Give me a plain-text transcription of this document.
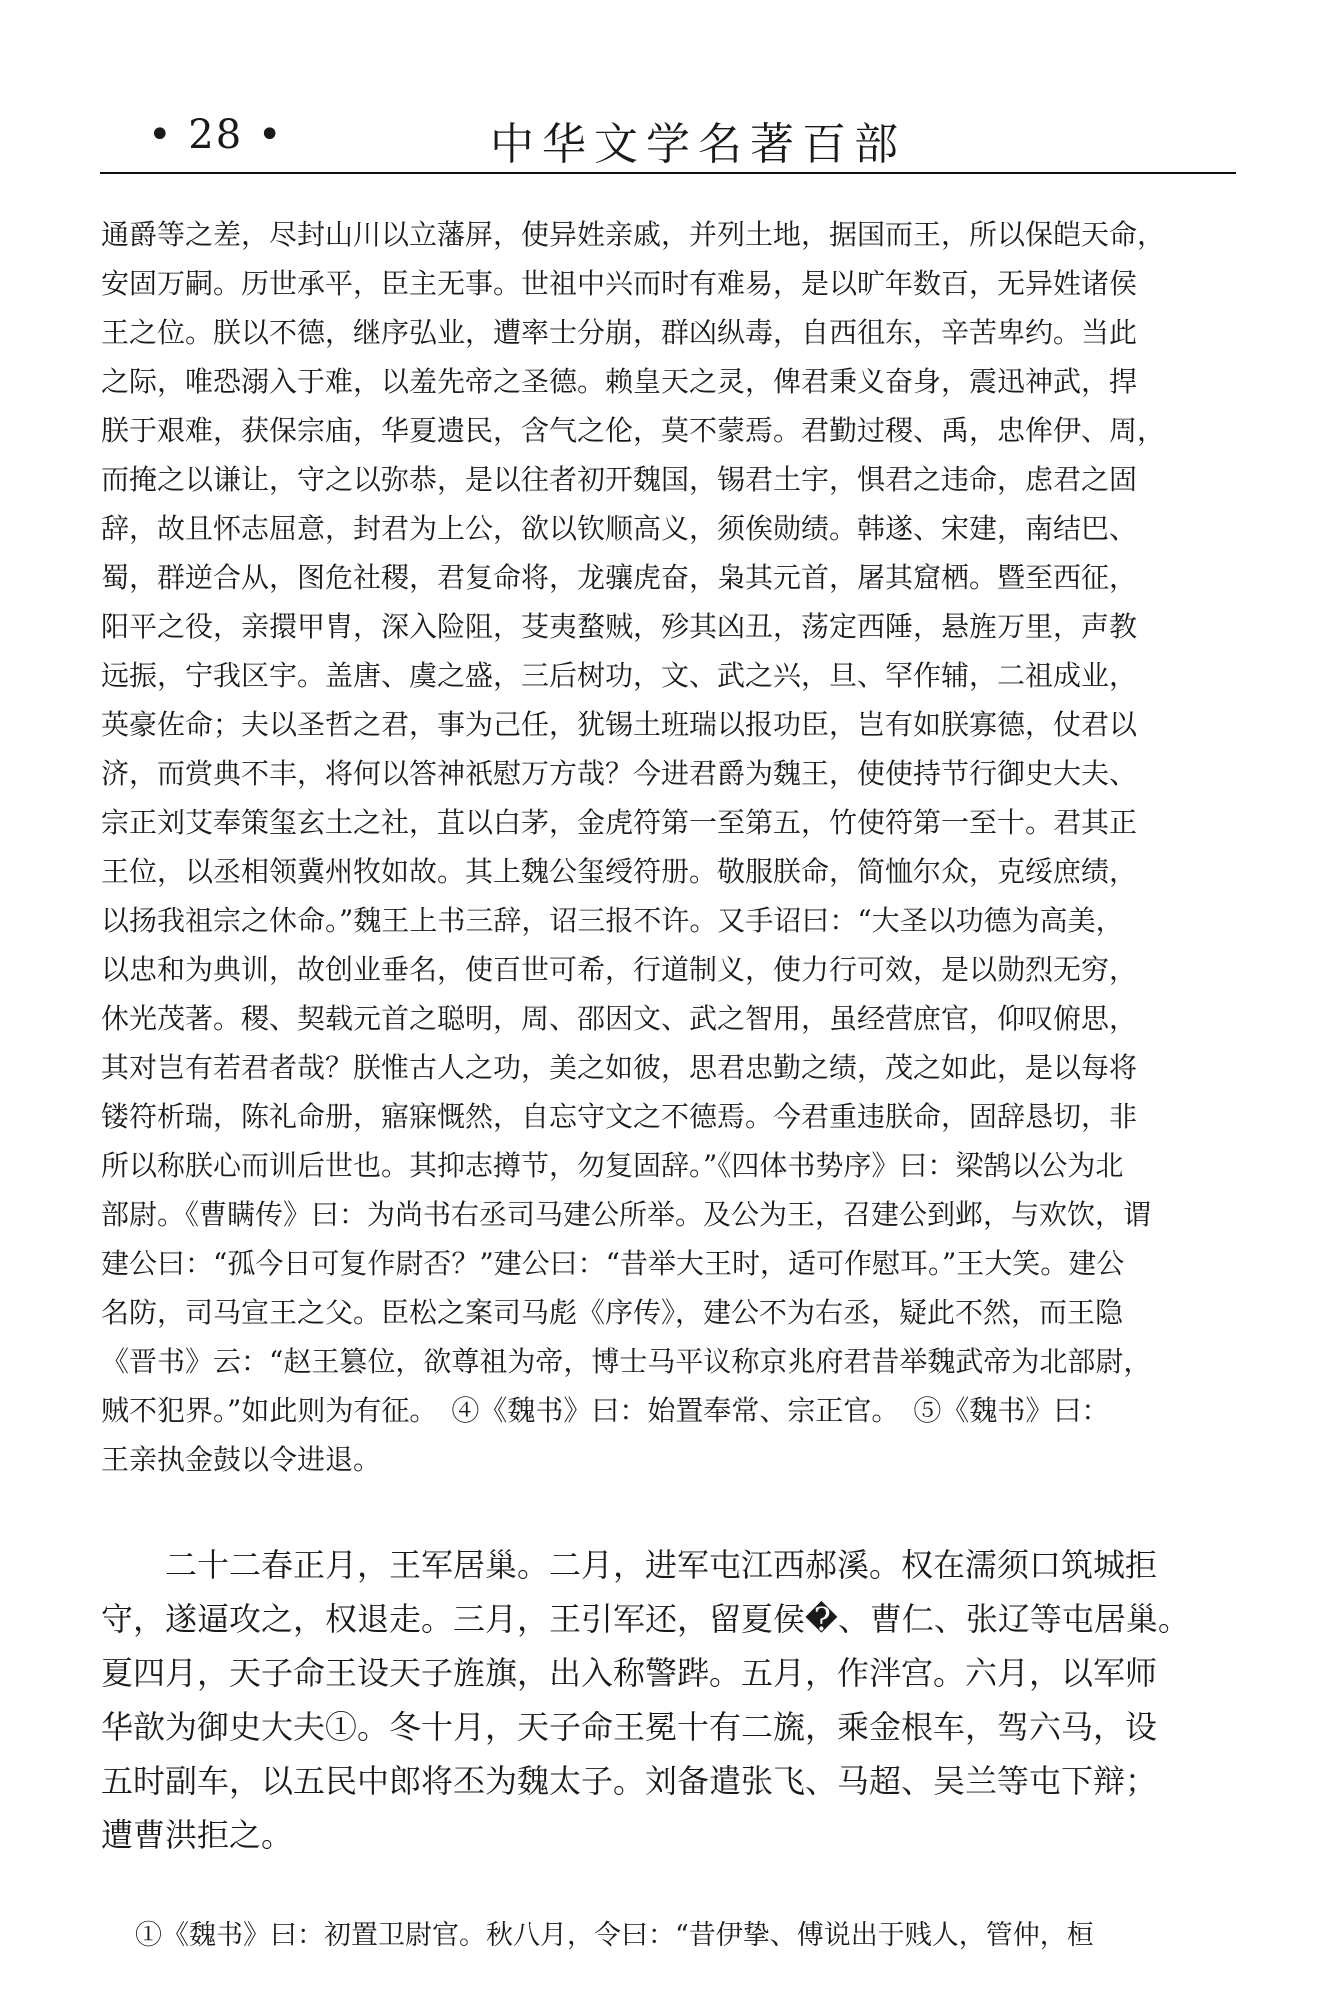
• 28 •	中华文学名著百部
通爵等之差，尽封山川以立藩屏，使异姓亲戚，并列土地，据国而王，所以保皑天命，
安固万嗣。历世承平，臣主无事。世祖中兴而时有难易，是以旷年数百，无异姓诸侯
王之位。朕以不德，继序弘业，遭率士分崩，群凶纵毒，自西徂东，辛苦卑约。当此
之际，唯恐溺入于难，以羞先帝之圣德。赖皇天之灵，俾君秉义奋身，震迅神武，捍
朕于艰难，获保宗庙，华夏遗民，含气之伦，莫不蒙焉。君勤过稷、禹，忠侔伊、周，
而掩之以谦让，守之以弥恭，是以往者初开魏国，锡君土宇，惧君之违命，虑君之固
辞，故且怀志屈意，封君为上公，欲以钦顺高义，须俟勋绩。韩遂、宋建，南结巴、
蜀，群逆合从，图危社稷，君复命将，龙骧虎奋，枭其元首，屠其窟栖。暨至西征，
阳平之役，亲擐甲胄，深入险阻，芟夷蝥贼，殄其凶丑，荡定西陲，悬旌万里，声教
远振，宁我区宇。盖唐、虞之盛，三后树功，文、武之兴，旦、罕作辅，二祖成业，
英豪佐命；夫以圣哲之君，事为己任，犹锡土班瑞以报功臣，岂有如朕寡德，仗君以
济，而赏典不丰，将何以答神祇慰万方哉？今进君爵为魏王，使使持节行御史大夫、
宗正刘艾奉策玺玄土之社，苴以白茅，金虎符第一至第五，竹使符第一至十。君其正
王位，以丞相领冀州牧如故。其上魏公玺绶符册。敬服朕命，简恤尔众，克绥庶绩，
以扬我祖宗之休命。”魏王上书三辞，诏三报不许。又手诏曰：“大圣以功德为高美，
以忠和为典训，故创业垂名，使百世可希，行道制义，使力行可效，是以勋烈无穷，
休光茂著。稷、契载元首之聪明，周、邵因文、武之智用，虽经营庶官，仰叹俯思，
其对岂有若君者哉？朕惟古人之功，美之如彼，思君忠勤之绩，茂之如此，是以每将
镂符析瑞，陈礼命册，寤寐慨然，自忘守文之不德焉。今君重违朕命，固辞恳切，非
所以称朕心而训后世也。其抑志撙节，勿复固辞。”《四体书势序》曰：梁鹄以公为北
部尉。《曹瞒传》曰：为尚书右丞司马建公所举。及公为王，召建公到邺，与欢饮，谓
建公曰：“孤今日可复作尉否？”建公曰：“昔举大王时，适可作慰耳。”王大笑。建公
名防，司马宣王之父。臣松之案司马彪《序传》，建公不为右丞，疑此不然，而王隐
《晋书》云：“赵王篡位，欲尊祖为帝，博士马平议称京兆府君昔举魏武帝为北部尉，
贼不犯界。”如此则为有征。　④《魏书》曰：始置奉常、宗正官。　⑤《魏书》曰：
王亲执金鼓以令进退。
　　二十二春正月，王军居巢。二月，进军屯江西郝溪。权在濡须口筑城拒
守，遂逼攻之，权退走。三月，王引军还，留夏侯�、曹仁、张辽等屯居巢。
夏四月，天子命王设天子旌旗，出入称警跸。五月，作泮宫。六月，以军师
华歆为御史大夫①。冬十月，天子命王冕十有二旒，乘金根车，驾六马，设
五时副车，以五民中郎将丕为魏太子。刘备遣张飞、马超、吴兰等屯下辩；
遭曹洪拒之。
①《魏书》曰：初置卫尉官。秋八月，令曰：“昔伊挚、傅说出于贱人，管仲，桓
